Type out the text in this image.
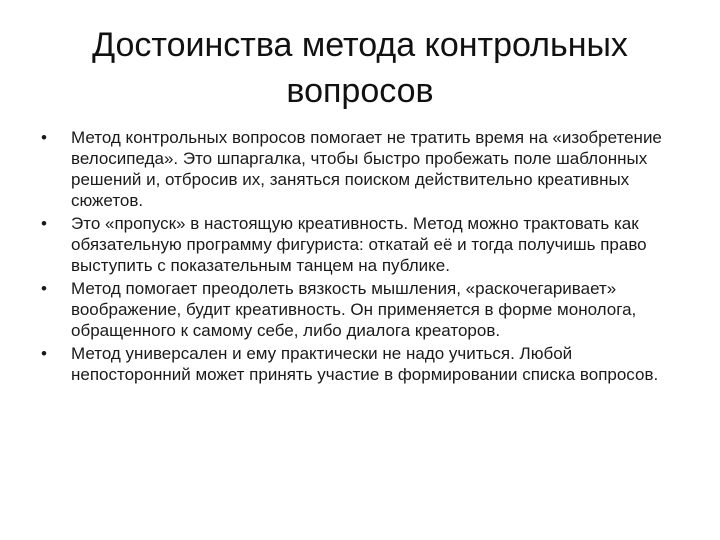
Достоинства метода контрольных вопросов
• Метод контрольных вопросов помогает не тратить время на «изобретение велосипеда». Это шпаргалка, чтобы быстро пробежать поле шаблонных решений и, отбросив их, заняться поиском действительно креативных сюжетов.
• Это «пропуск» в настоящую креативность. Метод можно трактовать как обязательную программу фигуриста: откатай её и тогда получишь право выступить с показательным танцем на публике.
• Метод помогает преодолеть вязкость мышления, «раскочегаривает» воображение, будит креативность. Он применяется в форме монолога, обращенного к самому себе, либо диалога креаторов.
• Метод универсален и ему практически не надо учиться. Любой непосторонний может принять участие в формировании списка вопросов.
